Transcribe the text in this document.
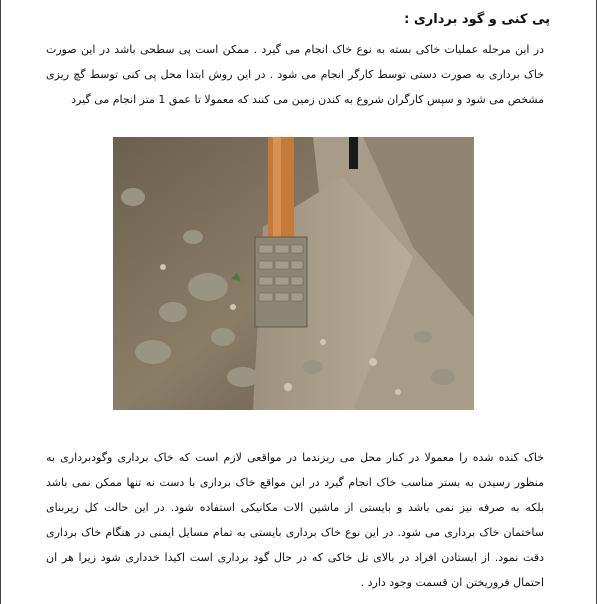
پی کنی و گود برداری :
در این مرحله عملیات خاکی بسته به نوع خاک انجام می گیرد . ممکن است پی سطحی باشد در این صورت خاک برداری به صورت دستی توسط کارگر انجام می شود . در این روش ابتدا محل پی کنی توسط گچ ریزی مشخص می شود و سپس کارگران شروع به کندن زمین می کنند که معمولا تا عمق 1 متر انجام می گیرد
خاک کنده شده را معمولا در کنار محل می ریزندما در مواقعی لازم است که خاک برداری وگودبرداری به منظور رسیدن به بستر مناسب خاک انجام گیرد در این مواقع خاک برداری با دست نه تنها ممکن نمی باشد بلکه به صرفه نیز نمی باشد و بایستی از ماشین الات مکانیکی استفاده شود. در این حالت کل زیربنای ساختمان خاک برداری می شود. در این نوع خاک برداری بایستی به تمام مسایل ایمنی در هنگام خاک برداری دقت نمود. از ایستادن افراد در بالای تل خاکی که در حال گود برداری است اکیدا خدداری شود زیرا هر ان احتمال فروریختن ان قسمت وجود دارد .
